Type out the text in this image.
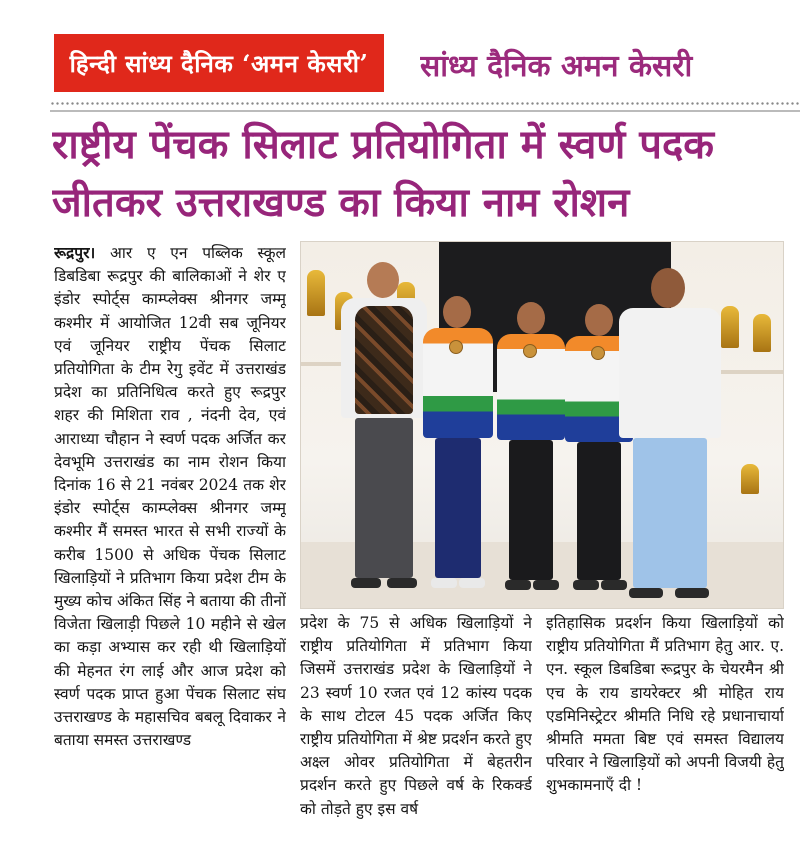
हिन्दी सांध्य दैनिक ‘अमन केसरी’ सांध्य दैनिक अमन केसरी
राष्ट्रीय पेंचक सिलाट प्रतियोगिता में स्वर्ण पदक
जीतकर उत्तराखण्ड का किया नाम रोशन

रूद्रपुर। आर ए एन पब्लिक स्कूल डिबडिबा रूद्रपुर की बालिकाओं ने शेर ए इंडोर स्पोर्ट्स काम्प्लेक्स श्रीनगर जम्मू कश्मीर में आयोजित 12वी सब जूनियर एवं जूनियर राष्ट्रीय पेंचक सिलाट प्रतियोगिता के टीम रेगु इवेंट में उत्तराखंड प्रदेश का प्रतिनिधित्व करते हुए रूद्रपुर शहर की मिशिता राव , नंदनी देव, एवं आराध्या चौहान ने स्वर्ण पदक अर्जित कर देवभूमि उत्तराखंड का नाम रोशन किया दिनांक 16 से 21 नवंबर 2024 तक शेर इंडोर स्पोर्ट्स काम्प्लेक्स श्रीनगर जम्मू कश्मीर मैं समस्त भारत से सभी राज्यों के करीब 1500 से अधिक पेंचक सिलाट खिलाड़ियों ने प्रतिभाग किया प्रदेश टीम के मुख्य कोच अंकित सिंह ने बताया की तीनों विजेता खिलाड़ी पिछले 10 महीने से खेल का कड़ा अभ्यास कर रही थी खिलाड़ियों की मेहनत रंग लाई और आज प्रदेश को स्वर्ण पदक प्राप्त हुआ पेंचक सिलाट संघ उत्तराखण्ड के महासचिव बबलू दिवाकर ने बताया समस्त उत्तराखण्ड

प्रदेश के 75 से अधिक खिलाड़ियों ने राष्ट्रीय प्रतियोगिता में प्रतिभाग किया जिसमें उत्तराखंड प्रदेश के खिलाड़ियों ने 23 स्वर्ण 10 रजत एवं 12 कांस्य पदक के साथ टोटल 45 पदक अर्जित किए राष्ट्रीय प्रतियोगिता में श्रेष्ट प्रदर्शन करते हुए अक्ष्ल ओवर प्रतियोगिता में बेहतरीन प्रदर्शन करते हुए पिछले वर्ष के रिकर्क्ड को तोड़ते हुए इस वर्ष

इतिहासिक प्रदर्शन किया खिलाड़ियों को राष्ट्रीय प्रतियोगिता मैं प्रतिभाग हेतु आर. ए. एन. स्कूल डिबडिबा रूद्रपुर के चेयरमैन श्री एच के राय डायरेक्टर श्री मोहित राय एडमिनिस्ट्रेटर श्रीमति निधि रहे प्रधानाचार्या श्रीमति ममता बिष्ट एवं समस्त विद्यालय परिवार ने खिलाड़ियों को अपनी विजयी हेतु शुभकामनाएँ दी !
